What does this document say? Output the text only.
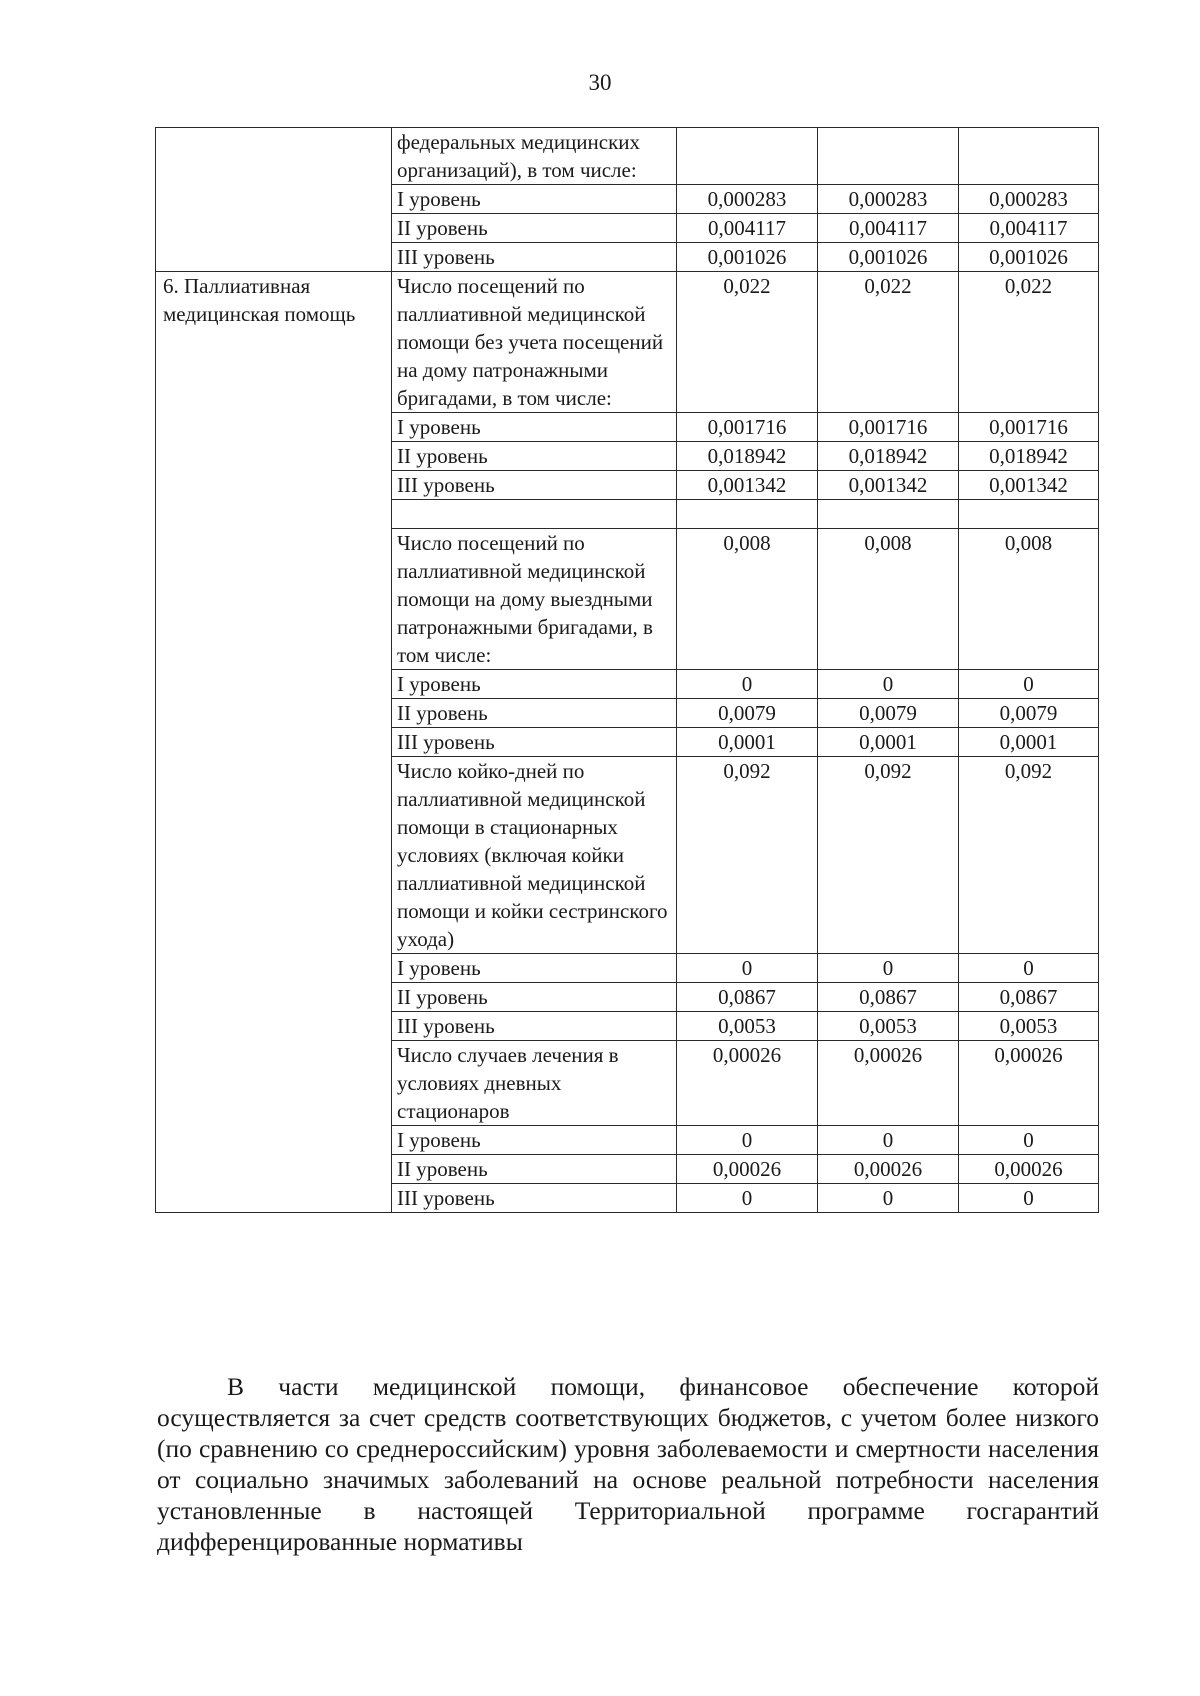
30
	федеральных медицинских организаций), в том числе:			
	I уровень	0,000283	0,000283	0,000283
	II уровень	0,004117	0,004117	0,004117
	III уровень	0,001026	0,001026	0,001026
6. Паллиативная медицинская помощь	Число посещений по паллиативной медицинской помощи без учета посещений на дому патронажными бригадами, в том числе:	0,022	0,022	0,022
	I уровень	0,001716	0,001716	0,001716
	II уровень	0,018942	0,018942	0,018942
	III уровень	0,001342	0,001342	0,001342

	Число посещений по паллиативной медицинской помощи на дому выездными патронажными бригадами, в том числе:	0,008	0,008	0,008
	I уровень	0	0	0
	II уровень	0,0079	0,0079	0,0079
	III уровень	0,0001	0,0001	0,0001
	Число койко-дней по паллиативной медицинской помощи в стационарных условиях (включая койки паллиативной медицинской помощи и койки сестринского ухода)	0,092	0,092	0,092
	I уровень	0	0	0
	II уровень	0,0867	0,0867	0,0867
	III уровень	0,0053	0,0053	0,0053
	Число случаев лечения в условиях дневных стационаров	0,00026	0,00026	0,00026
	I уровень	0	0	0
	II уровень	0,00026	0,00026	0,00026
	III уровень	0	0	0

В части медицинской помощи, финансовое обеспечение которой осуществляется за счет средств соответствующих бюджетов, с учетом более низкого (по сравнению со среднероссийским) уровня заболеваемости и смертности населения от социально значимых заболеваний на основе реальной потребности населения установленные в настоящей Территориальной программе госгарантий дифференцированные нормативы
